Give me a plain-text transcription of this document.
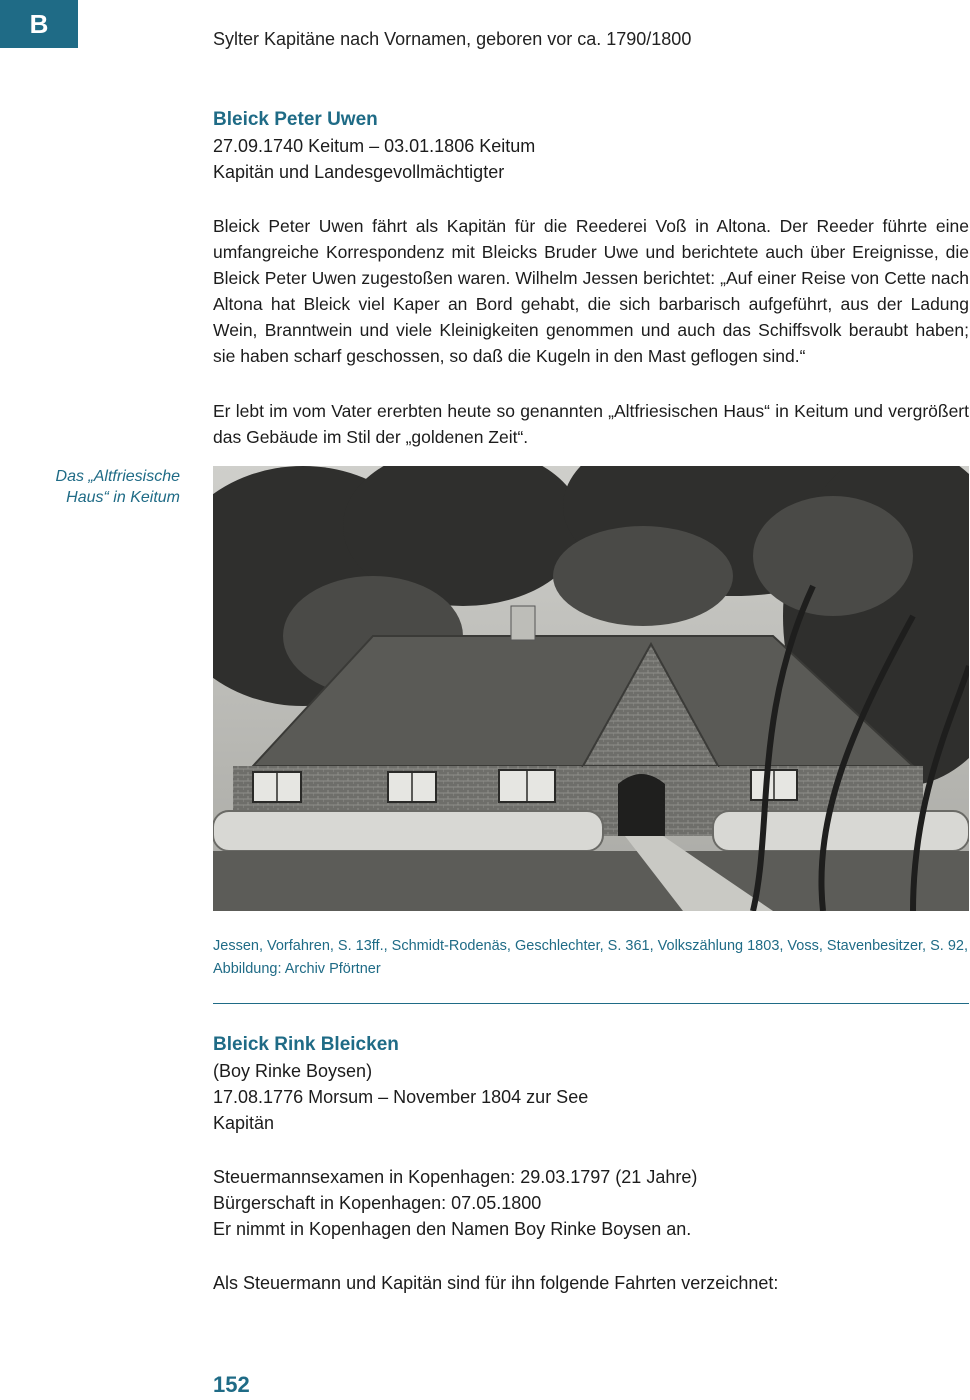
B
Sylter Kapitäne nach Vornamen, geboren vor ca. 1790/1800
Bleick Peter Uwen
27.09.1740 Keitum – 03.01.1806 Keitum
Kapitän und Landesgevollmächtigter
Bleick Peter Uwen fährt als Kapitän für die Reederei Voß in Altona. Der Reeder führte eine umfangreiche Korrespondenz mit Bleicks Bruder Uwe und berichtete auch über Ereignisse, die Bleick Peter Uwen zugestoßen waren. Wilhelm Jessen berichtet: „Auf einer Reise von Cette nach Altona hat Bleick viel Kaper an Bord gehabt, die sich barbarisch aufgeführt, aus der Ladung Wein, Branntwein und viele Kleinigkeiten genommen und auch das Schiffsvolk beraubt haben; sie haben scharf geschossen, so daß die Kugeln in den Mast geflogen sind.“
Er lebt im vom Vater ererbten heute so genannten „Altfriesischen Haus“ in Keitum und vergrößert das Gebäude im Stil der „goldenen Zeit“.
Das „Altfriesische Haus“ in Keitum
Jessen, Vorfahren, S. 13ff., Schmidt-Rodenäs, Geschlechter, S. 361, Volkszählung 1803, Voss, Stavenbesitzer, S. 92, Abbildung: Archiv Pförtner
Bleick Rink Bleicken
(Boy Rinke Boysen)
17.08.1776 Morsum – November 1804 zur See
Kapitän
Steuermannsexamen in Kopenhagen: 29.03.1797 (21 Jahre)
Bürgerschaft in Kopenhagen: 07.05.1800
Er nimmt in Kopenhagen den Namen Boy Rinke Boysen an.
Als Steuermann und Kapitän sind für ihn folgende Fahrten verzeichnet:
152
